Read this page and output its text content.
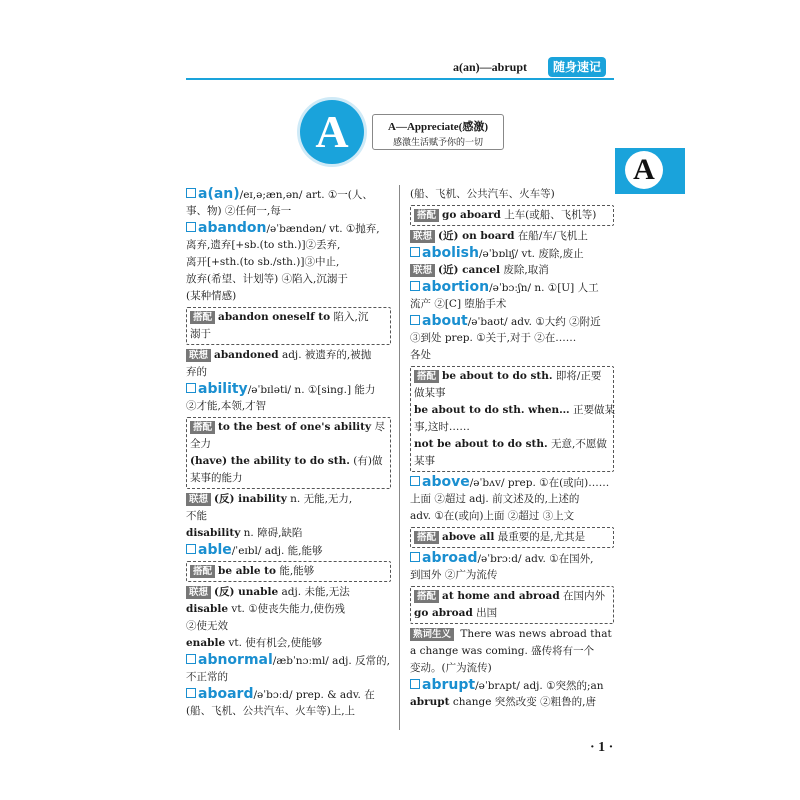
a(an)—abrupt	随身速记
A
A	A—Appreciate(感激)
感激生活赋予你的一切
a(an)/eɪ,ə;æn,ən/ art. ①一(人、
事、物) ②任何一,每一
abandon/əˈbændən/ vt. ①抛弃,
离弃,遗弃[+sb.(to sth.)]②丢弃,
离开[+sth.(to sb./sth.)]③中止,
放弃(希望、计划等) ④陷入,沉溺于
(某种情感)
搭配 abandon oneself to 陷入,沉
溺于
联想 abandoned adj. 被遗弃的,被抛
弃的
ability/əˈbɪləti/ n. ①[sing.] 能力
②才能,本领,才智
搭配 to the best of one's ability 尽
全力
(have) the ability to do sth. (有)做
某事的能力
联想 (反) inability n. 无能,无力,
不能
disability n. 障碍,缺陷
able/ˈeɪbl/ adj. 能,能够
搭配 be able to 能,能够
联想 (反) unable adj. 未能,无法
disable vt. ①使丧失能力,使伤残
②使无效
enable vt. 使有机会,使能够
abnormal/æbˈnɔːml/ adj. 反常的,
不正常的
aboard/əˈbɔːd/ prep. & adv. 在
(船、飞机、公共汽车、火车等)上,上
(船、飞机、公共汽车、火车等)
搭配 go aboard 上车(或船、飞机等)
联想 (近) on board 在船/车/飞机上
abolish/əˈbɒlɪʃ/ vt. 废除,废止
联想 (近) cancel 废除,取消
abortion/əˈbɔːʃn/ n. ①[U] 人工
流产 ②[C] 堕胎手术
about/əˈbaʊt/ adv. ①大约 ②附近
③到处 prep. ①关于,对于 ②在……
各处
搭配 be about to do sth. 即将/正要
做某事
be about to do sth. when… 正要做某
事,这时……
not be about to do sth. 无意,不愿做
某事
above/əˈbʌv/ prep. ①在(或向)……
上面 ②超过 adj. 前文述及的,上述的
adv. ①在(或向)上面 ②超过 ③上文
搭配 above all 最重要的是,尤其是
abroad/əˈbrɔːd/ adv. ①在国外,
到国外 ②广为流传
搭配 at home and abroad 在国内外
go abroad 出国
熟词生义 There was news abroad that
a change was coming. 盛传将有一个
变动。(广为流传)
abrupt/əˈbrʌpt/ adj. ①突然的;an
abrupt change 突然改变 ②粗鲁的,唐
· 1 ·
